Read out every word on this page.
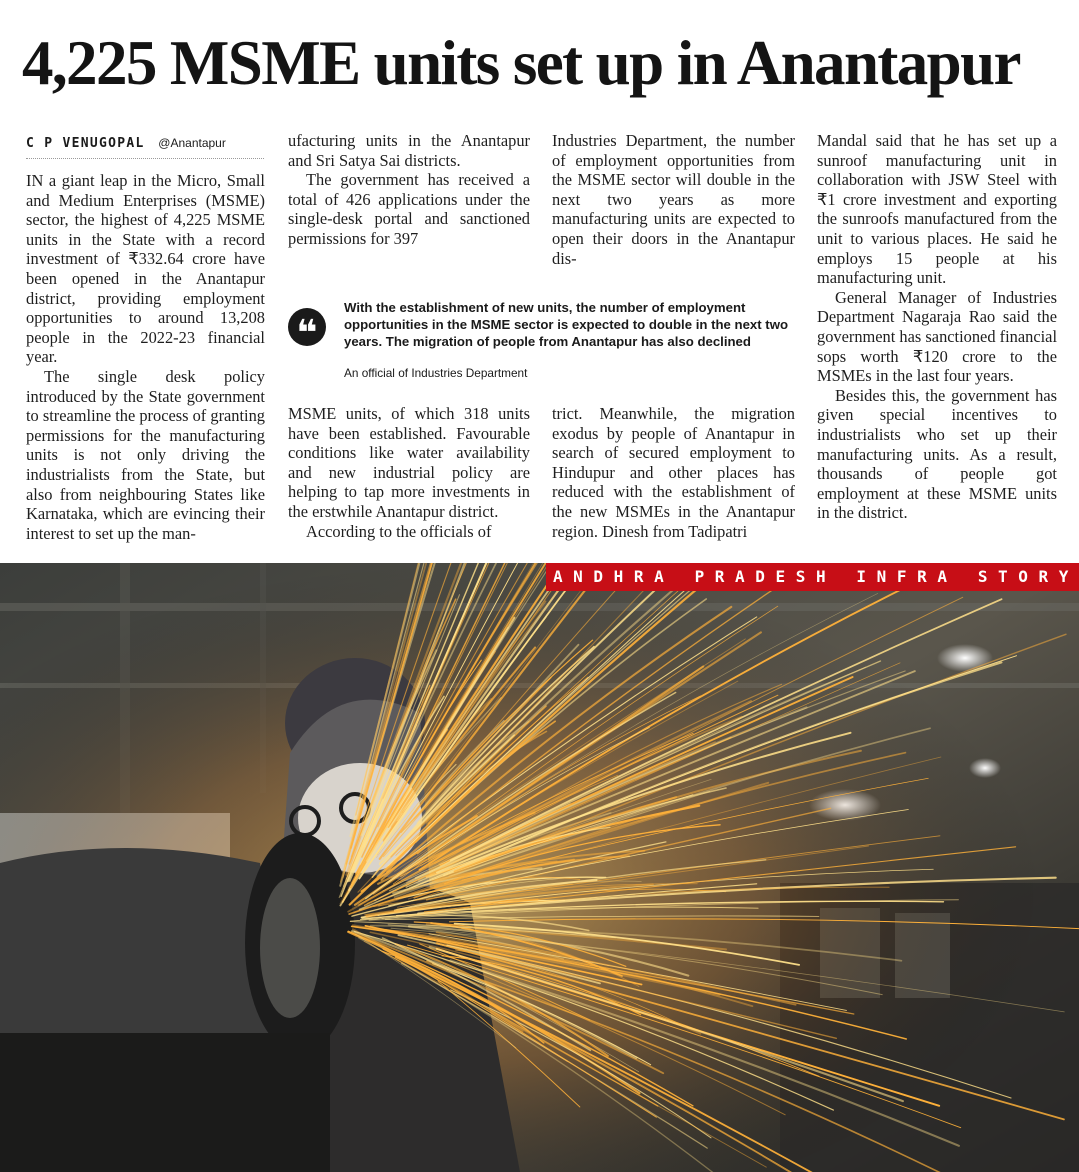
4,225 MSME units set up in Anantapur
C P VENUGOPAL @Anantapur

IN a giant leap in the Micro, Small and Medium Enterprises (MSME) sector, the highest of 4,225 MSME units in the State with a record investment of ₹332.64 crore have been opened in the Anantapur district, providing employment opportunities to around 13,208 people in the 2022-23 financial year.

The single desk policy introduced by the State government to streamline the process of granting permissions for the manufacturing units is not only driving the industrialists from the State, but also from neighbouring States like Karnataka, which are evincing their interest to set up the man-

ufacturing units in the Anantapur and Sri Satya Sai districts.

The government has received a total of 426 applications under the single-desk portal and sanctioned permissions for 397

Industries Department, the number of employment opportunities from the MSME sector will double in the next two years as more manufacturing units are expected to open their doors in the Anantapur dis-

❝
With the establishment of new units, the number of employment opportunities in the MSME sector is expected to double in the next two years. The migration of people from Anantapur has also declined
An official of Industries Department

MSME units, of which 318 units have been established. Favourable conditions like water availability and new industrial policy are helping to tap more investments in the erstwhile Anantapur district.

According to the officials of

trict. Meanwhile, the migration exodus by people of Anantapur in search of secured employment to Hindupur and other places has reduced with the establishment of the new MSMEs in the Anantapur region. Dinesh from Tadipatri

Mandal said that he has set up a sunroof manufacturing unit in collaboration with JSW Steel with ₹1 crore investment and exporting the sunroofs manufactured from the unit to various places. He said he employs 15 people at his manufacturing unit.

General Manager of Industries Department Nagaraja Rao said the government has sanctioned financial sops worth ₹120 crore to the MSMEs in the last four years.

Besides this, the government has given special incentives to industrialists who set up their manufacturing units. As a result, thousands of people got employment at these MSME units in the district.

ANDHRA PRADESH INFRA STORY
